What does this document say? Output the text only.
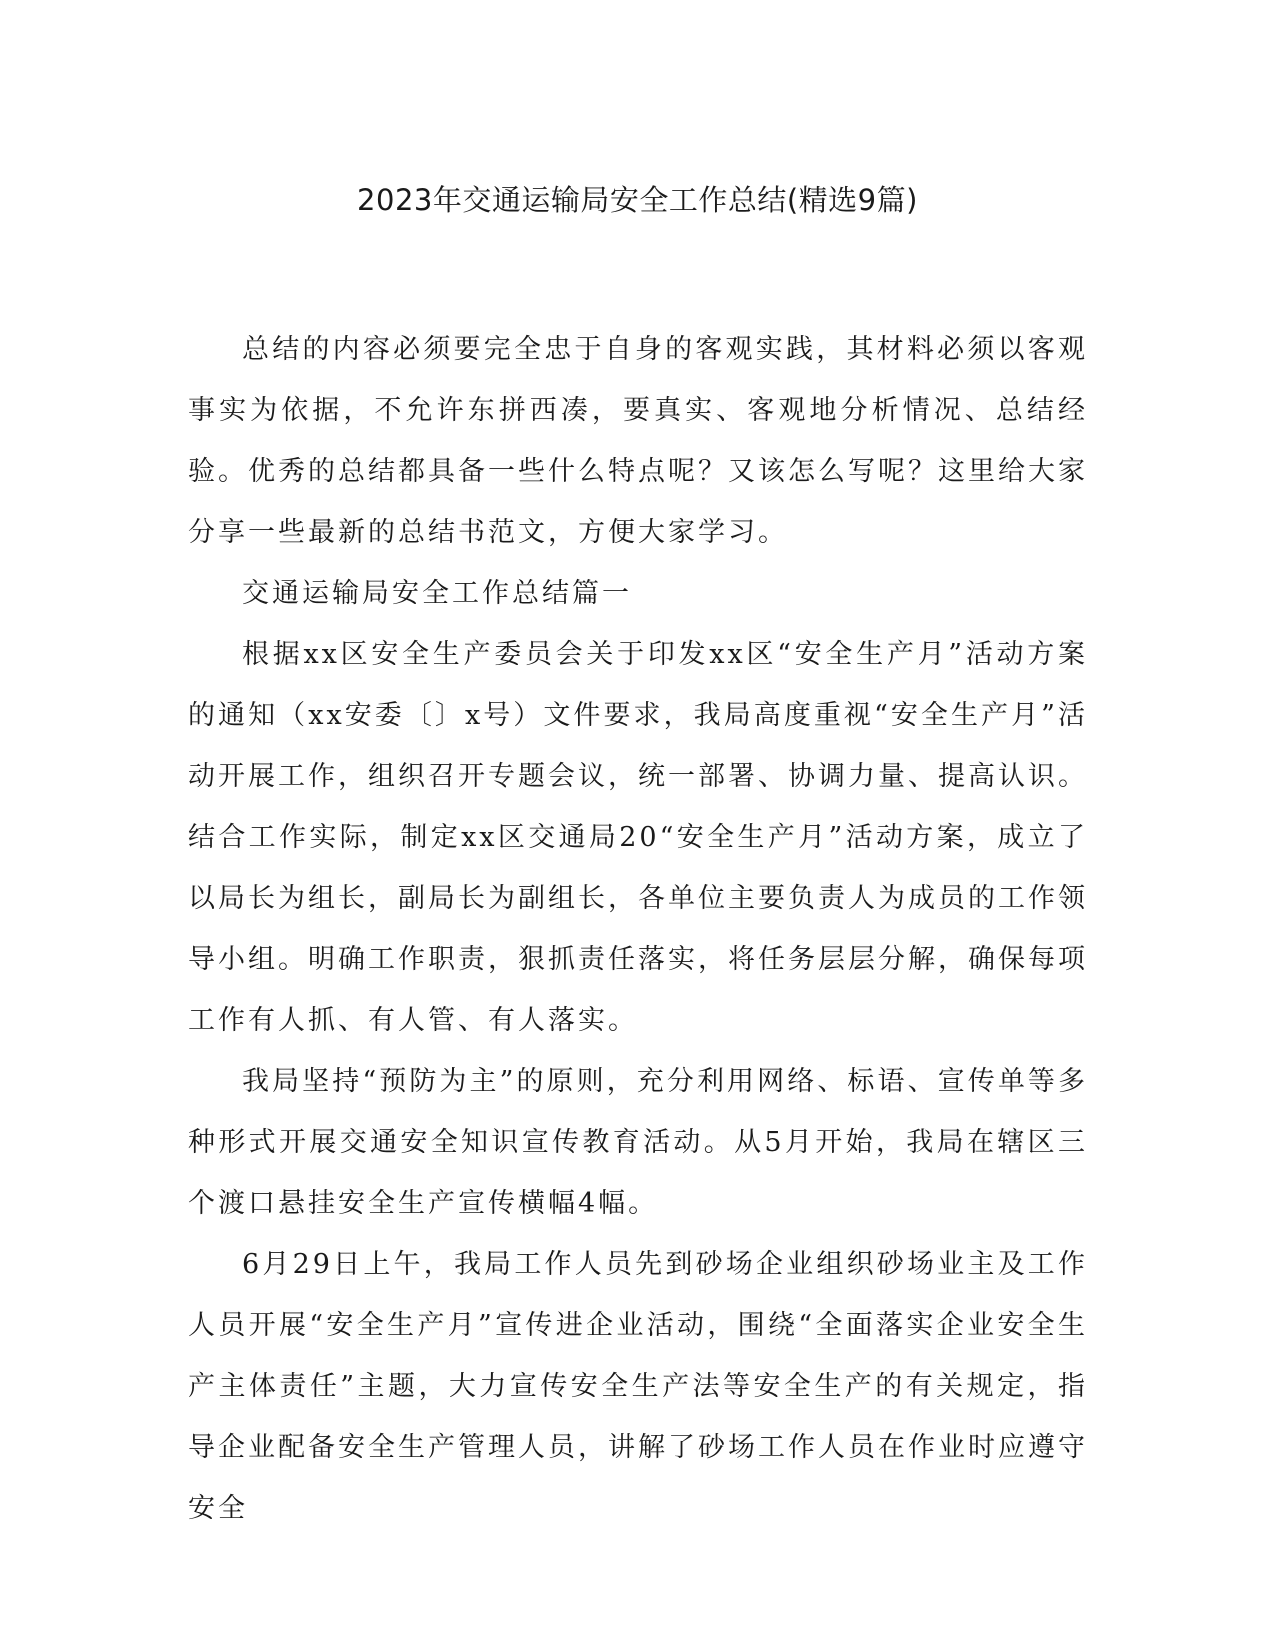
2023年交通运输局安全工作总结(精选9篇)

总结的内容必须要完全忠于自身的客观实践，其材料必须以客观事实为依据，不允许东拼西凑，要真实、客观地分析情况、总结经验。优秀的总结都具备一些什么特点呢？又该怎么写呢？这里给大家分享一些最新的总结书范文，方便大家学习。

交通运输局安全工作总结篇一

根据xx区安全生产委员会关于印发xx区“安全生产月”活动方案的通知（xx安委〔〕x号）文件要求，我局高度重视“安全生产月”活动开展工作，组织召开专题会议，统一部署、协调力量、提高认识。结合工作实际，制定xx区交通局20“安全生产月”活动方案，成立了以局长为组长，副局长为副组长，各单位主要负责人为成员的工作领导小组。明确工作职责，狠抓责任落实，将任务层层分解，确保每项工作有人抓、有人管、有人落实。

我局坚持“预防为主”的原则，充分利用网络、标语、宣传单等多种形式开展交通安全知识宣传教育活动。从5月开始，我局在辖区三个渡口悬挂安全生产宣传横幅4幅。

6月29日上午，我局工作人员先到砂场企业组织砂场业主及工作人员开展“安全生产月”宣传进企业活动，围绕“全面落实企业安全生产主体责任”主题，大力宣传安全生产法等安全生产的有关规定，指导企业配备安全生产管理人员，讲解了砂场工作人员在作业时应遵守安全
